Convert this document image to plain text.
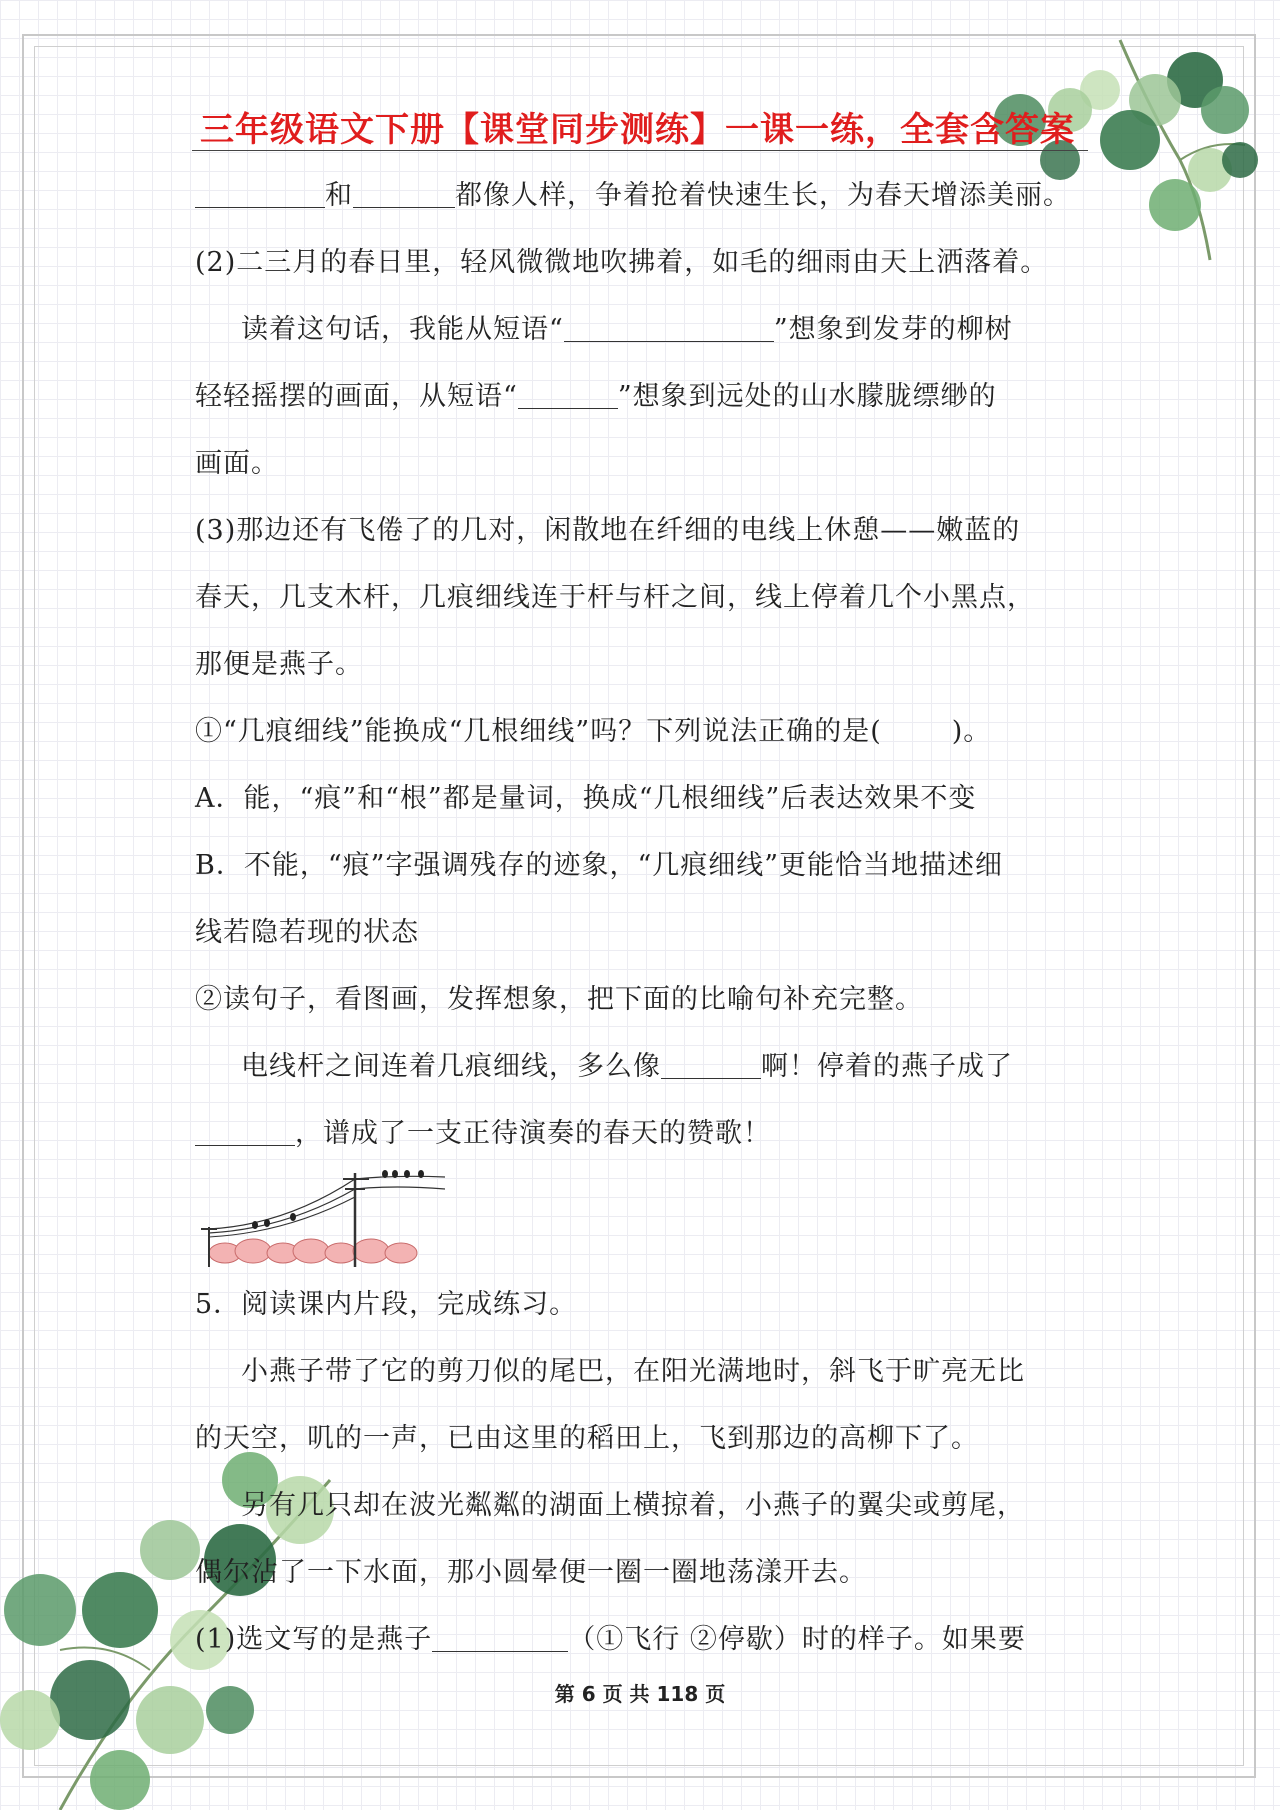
三年级语文下册【课堂同步测练】一课一练，全套含答案
和	都像人样，争着抢着快速生长，为春天增添美丽。
(2)二三月的春日里，轻风微微地吹拂着，如毛的细雨由天上洒落着。
读着这句话，我能从短语“	”想象到发芽的柳树
轻轻摇摆的画面，从短语“	”想象到远处的山水朦胧缥缈的
画面。
(3)那边还有飞倦了的几对，闲散地在纤细的电线上休憩——嫩蓝的
春天，几支木杆，几痕细线连于杆与杆之间，线上停着几个小黑点，
那便是燕子。
①“几痕细线”能换成“几根细线”吗？下列说法正确的是(	)。
A．能，“痕”和“根”都是量词，换成“几根细线”后表达效果不变
B．不能，“痕”字强调残存的迹象，“几痕细线”更能恰当地描述细
线若隐若现的状态
②读句子，看图画，发挥想象，把下面的比喻句补充完整。
电线杆之间连着几痕细线，多么像	啊！停着的燕子成了
，谱成了一支正待演奏的春天的赞歌！
5．阅读课内片段，完成练习。
小燕子带了它的剪刀似的尾巴，在阳光满地时，斜飞于旷亮无比
的天空，叽的一声，已由这里的稻田上，飞到那边的高柳下了。
另有几只却在波光粼粼的湖面上横掠着，小燕子的翼尖或剪尾，
偶尔沾了一下水面，那小圆晕便一圈一圈地荡漾开去。
(1)选文写的是燕子	（①飞行 ②停歇）时的样子。如果要
第 6 页 共 118 页
